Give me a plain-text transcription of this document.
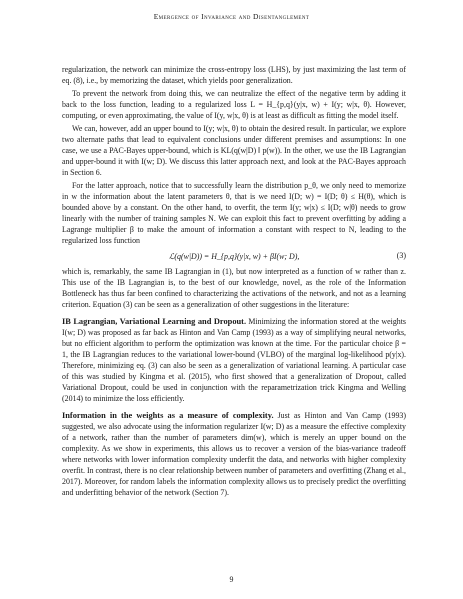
Emergence of Invariance and Disentanglement

regularization, the network can minimize the cross-entropy loss (LHS), by just maximizing the last term of eq. (8), i.e., by memorizing the dataset, which yields poor generalization.

To prevent the network from doing this, we can neutralize the effect of the negative term by adding it back to the loss function, leading to a regularized loss L = H_{p,q}(y|x, w) + I(y; w|x, θ). However, computing, or even approximating, the value of I(y, w|x, θ) is at least as difficult as fitting the model itself.

We can, however, add an upper bound to I(y; w|x, θ) to obtain the desired result. In particular, we explore two alternate paths that lead to equivalent conclusions under different premises and assumptions: In one case, we use a PAC-Bayes upper-bound, which is KL(q(w|D) ‖ p(w)). In the other, we use the IB Lagrangian and upper-bound it with I(w; D). We discuss this latter approach next, and look at the PAC-Bayes approach in Section 6.

For the latter approach, notice that to successfully learn the distribution p_θ, we only need to memorize in w the information about the latent parameters θ, that is we need I(D; w) = I(D; θ) ≤ H(θ), which is bounded above by a constant. On the other hand, to overfit, the term I(y; w|x) ≤ I(D; w|θ) needs to grow linearly with the number of training samples N. We can exploit this fact to prevent overfitting by adding a Lagrange multiplier β to make the amount of information a constant with respect to N, leading to the regularized loss function

ℒ(q(w|D)) = H_{p,q}(y|x, w) + βI(w; D),	(3)

which is, remarkably, the same IB Lagrangian in (1), but now interpreted as a function of w rather than z. This use of the IB Lagrangian is, to the best of our knowledge, novel, as the role of the Information Bottleneck has thus far been confined to characterizing the activations of the network, and not as a learning criterion. Equation (3) can be seen as a generalization of other suggestions in the literature:

IB Lagrangian, Variational Learning and Dropout. Minimizing the information stored at the weights I(w; D) was proposed as far back as Hinton and Van Camp (1993) as a way of simplifying neural networks, but no efficient algorithm to perform the optimization was known at the time. For the particular choice β = 1, the IB Lagrangian reduces to the variational lower-bound (VLBO) of the marginal log-likelihood p(y|x). Therefore, minimizing eq. (3) can also be seen as a generalization of variational learning. A particular case of this was studied by Kingma et al. (2015), who first showed that a generalization of Dropout, called Variational Dropout, could be used in conjunction with the reparametrization trick Kingma and Welling (2014) to minimize the loss efficiently.

Information in the weights as a measure of complexity. Just as Hinton and Van Camp (1993) suggested, we also advocate using the information regularizer I(w; D) as a measure the effective complexity of a network, rather than the number of parameters dim(w), which is merely an upper bound on the complexity. As we show in experiments, this allows us to recover a version of the bias-variance tradeoff where networks with lower information complexity underfit the data, and networks with higher complexity overfit. In contrast, there is no clear relationship between number of parameters and overfitting (Zhang et al., 2017). Moreover, for random labels the information complexity allows us to precisely predict the overfitting and underfitting behavior of the network (Section 7).

9
